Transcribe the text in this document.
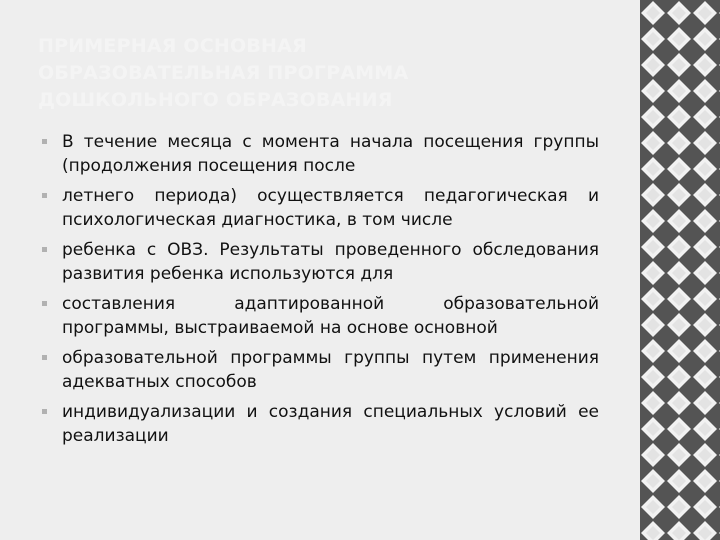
ПРИМЕРНАЯ ОСНОВНАЯ
ОБРАЗОВАТЕЛЬНАЯ ПРОГРАММА
ДОШКОЛЬНОГО ОБРАЗОВАНИЯ
В течение месяца с момента начала посещения группы (продолжения посещения после
летнего периода) осуществляется педагогическая и психологическая диагностика, в том числе
ребенка с ОВЗ. Результаты проведенного обследования развития ребенка используются для
составления адаптированной образовательной программы, выстраиваемой на основе основной
образовательной программы группы путем применения адекватных способов
индивидуализации и создания специальных условий ее реализации
